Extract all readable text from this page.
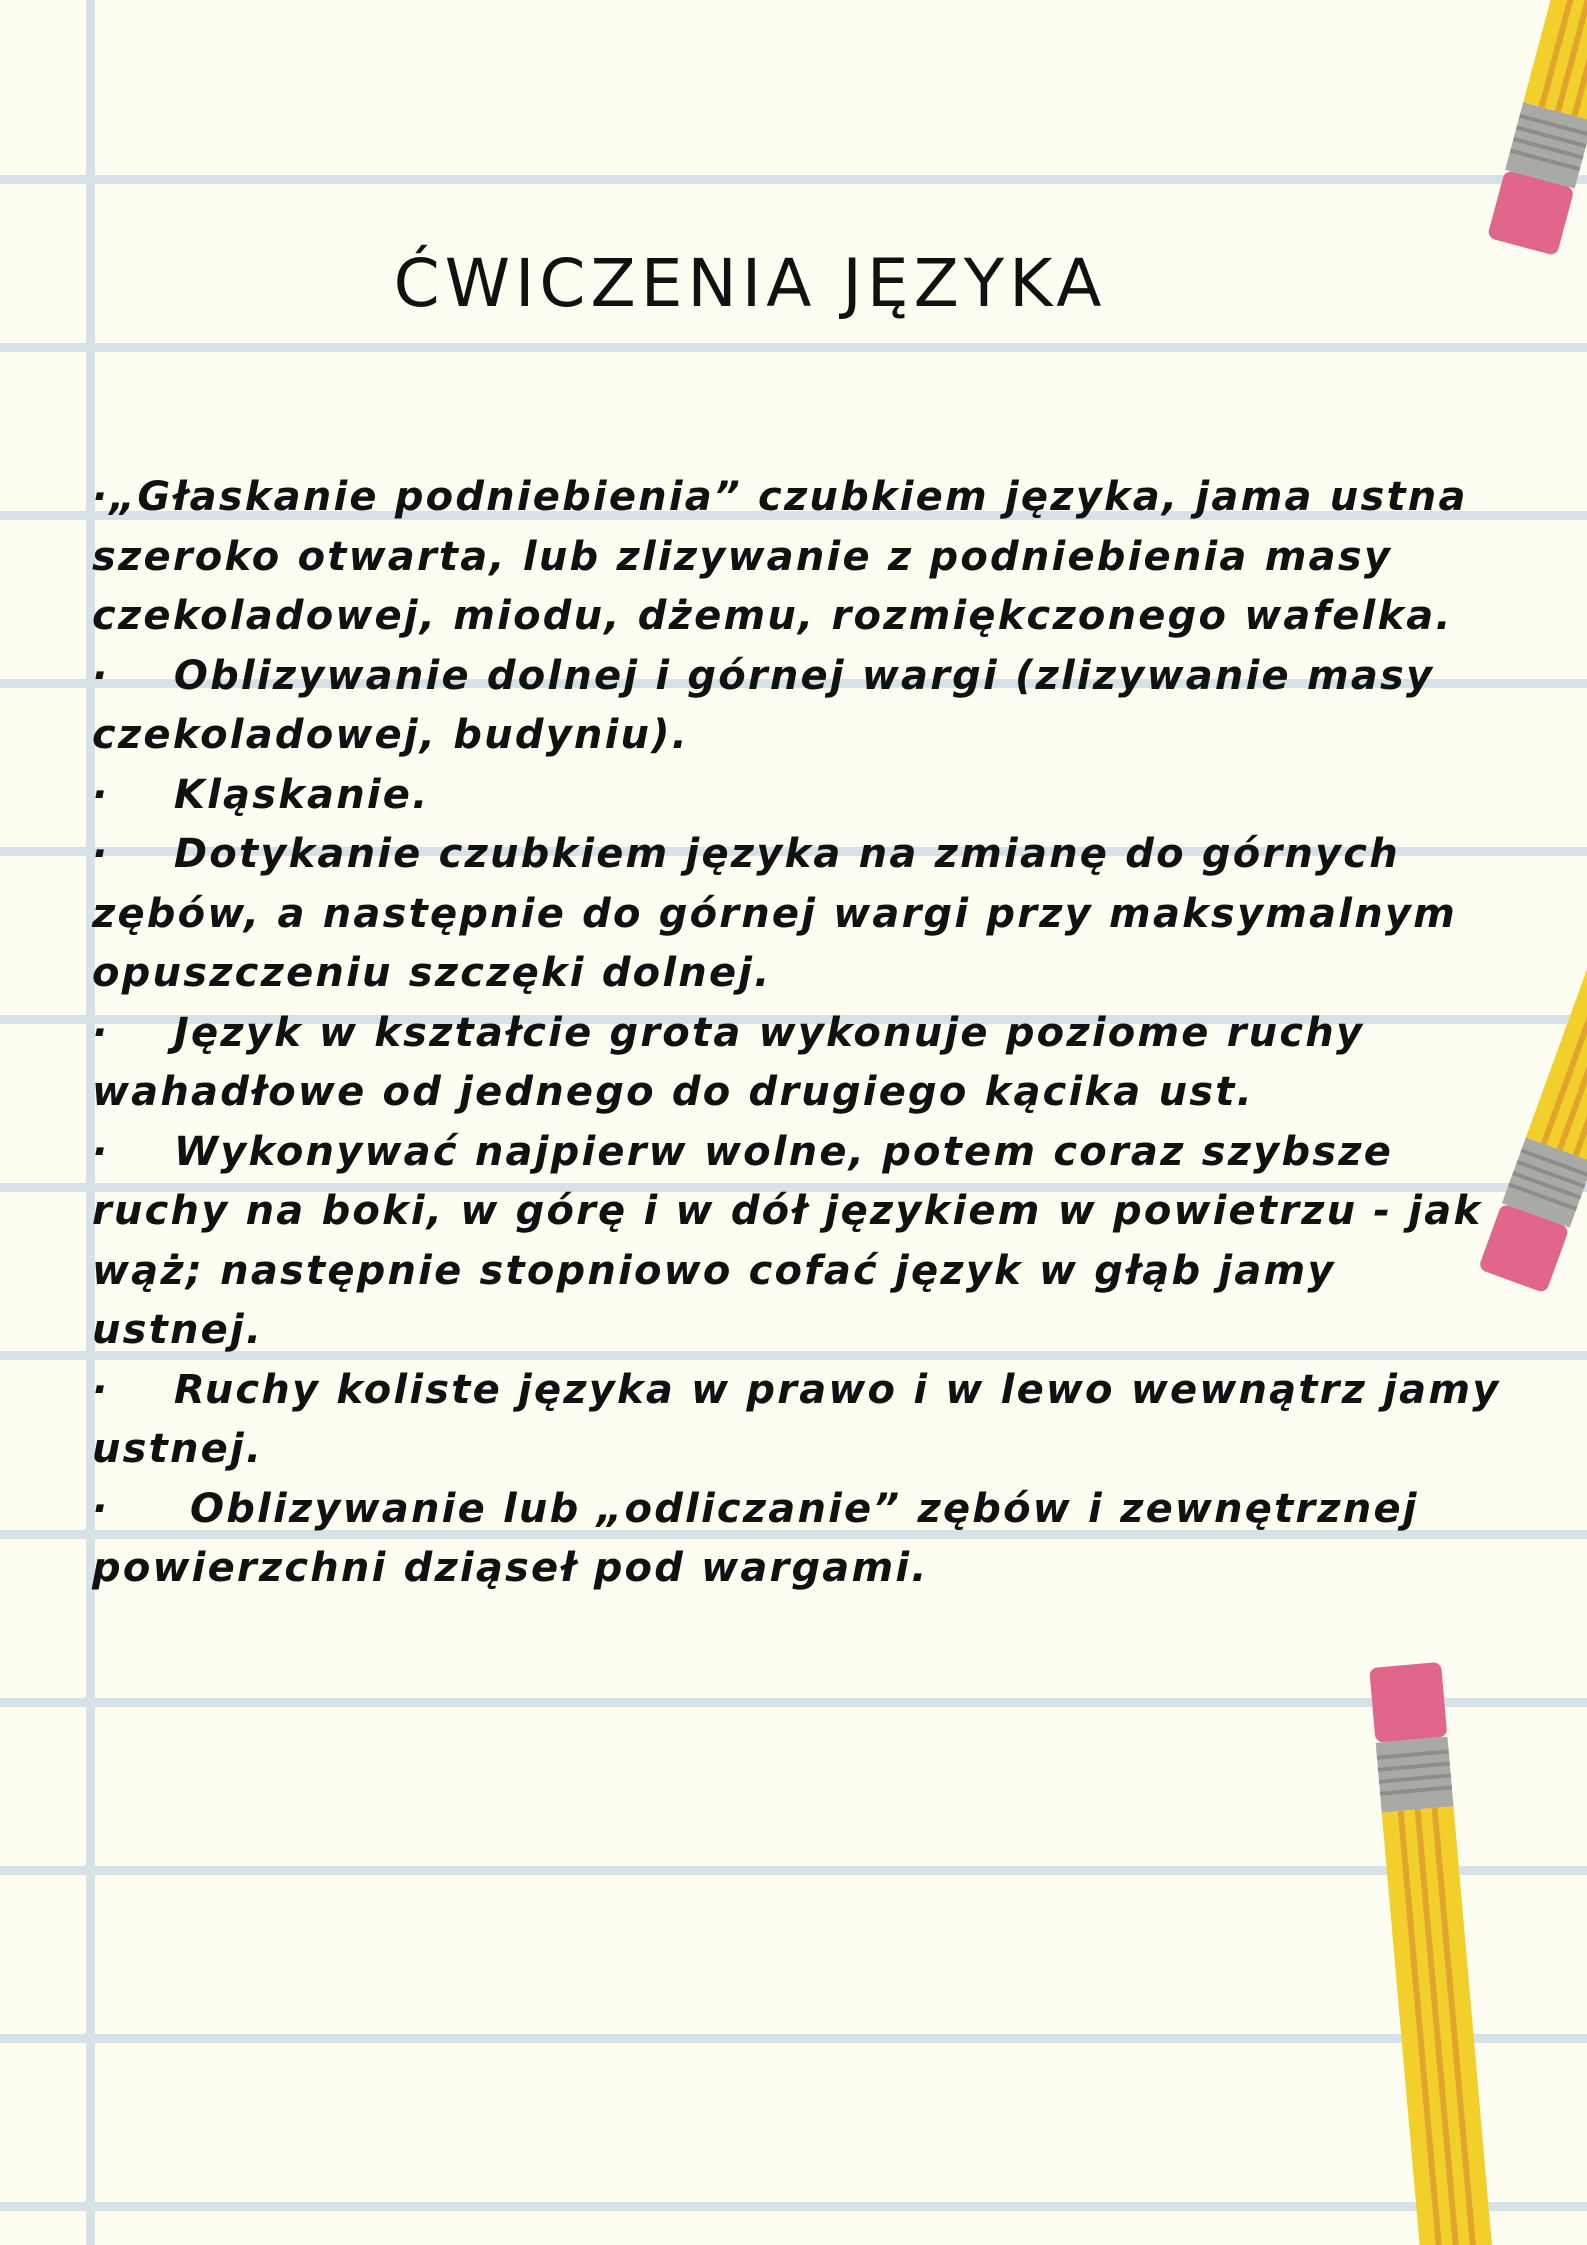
ĆWICZENIA JĘZYKA

·„Głaskanie podniebienia” czubkiem języka, jama ustna szeroko otwarta, lub zlizywanie z podniebienia masy czekoladowej, miodu, dżemu, rozmiękczonego wafelka.

·    Oblizywanie dolnej i górnej wargi (zlizywanie masy czekoladowej, budyniu).

·    Kląskanie.

·    Dotykanie czubkiem języka na zmianę do górnych zębów, a następnie do górnej wargi przy maksymalnym opuszczeniu szczęki dolnej.

·    Język w kształcie grota wykonuje poziome ruchy wahadłowe od jednego do drugiego kącika ust.

·    Wykonywać najpierw wolne, potem coraz szybsze ruchy na boki, w górę i w dół językiem w powietrzu - jak wąż; następnie stopniowo cofać język w głąb jamy ustnej.

·    Ruchy koliste języka w prawo i w lewo wewnątrz jamy ustnej.

·     Oblizywanie lub „odliczanie” zębów i zewnętrznej powierzchni dziąseł pod wargami.
